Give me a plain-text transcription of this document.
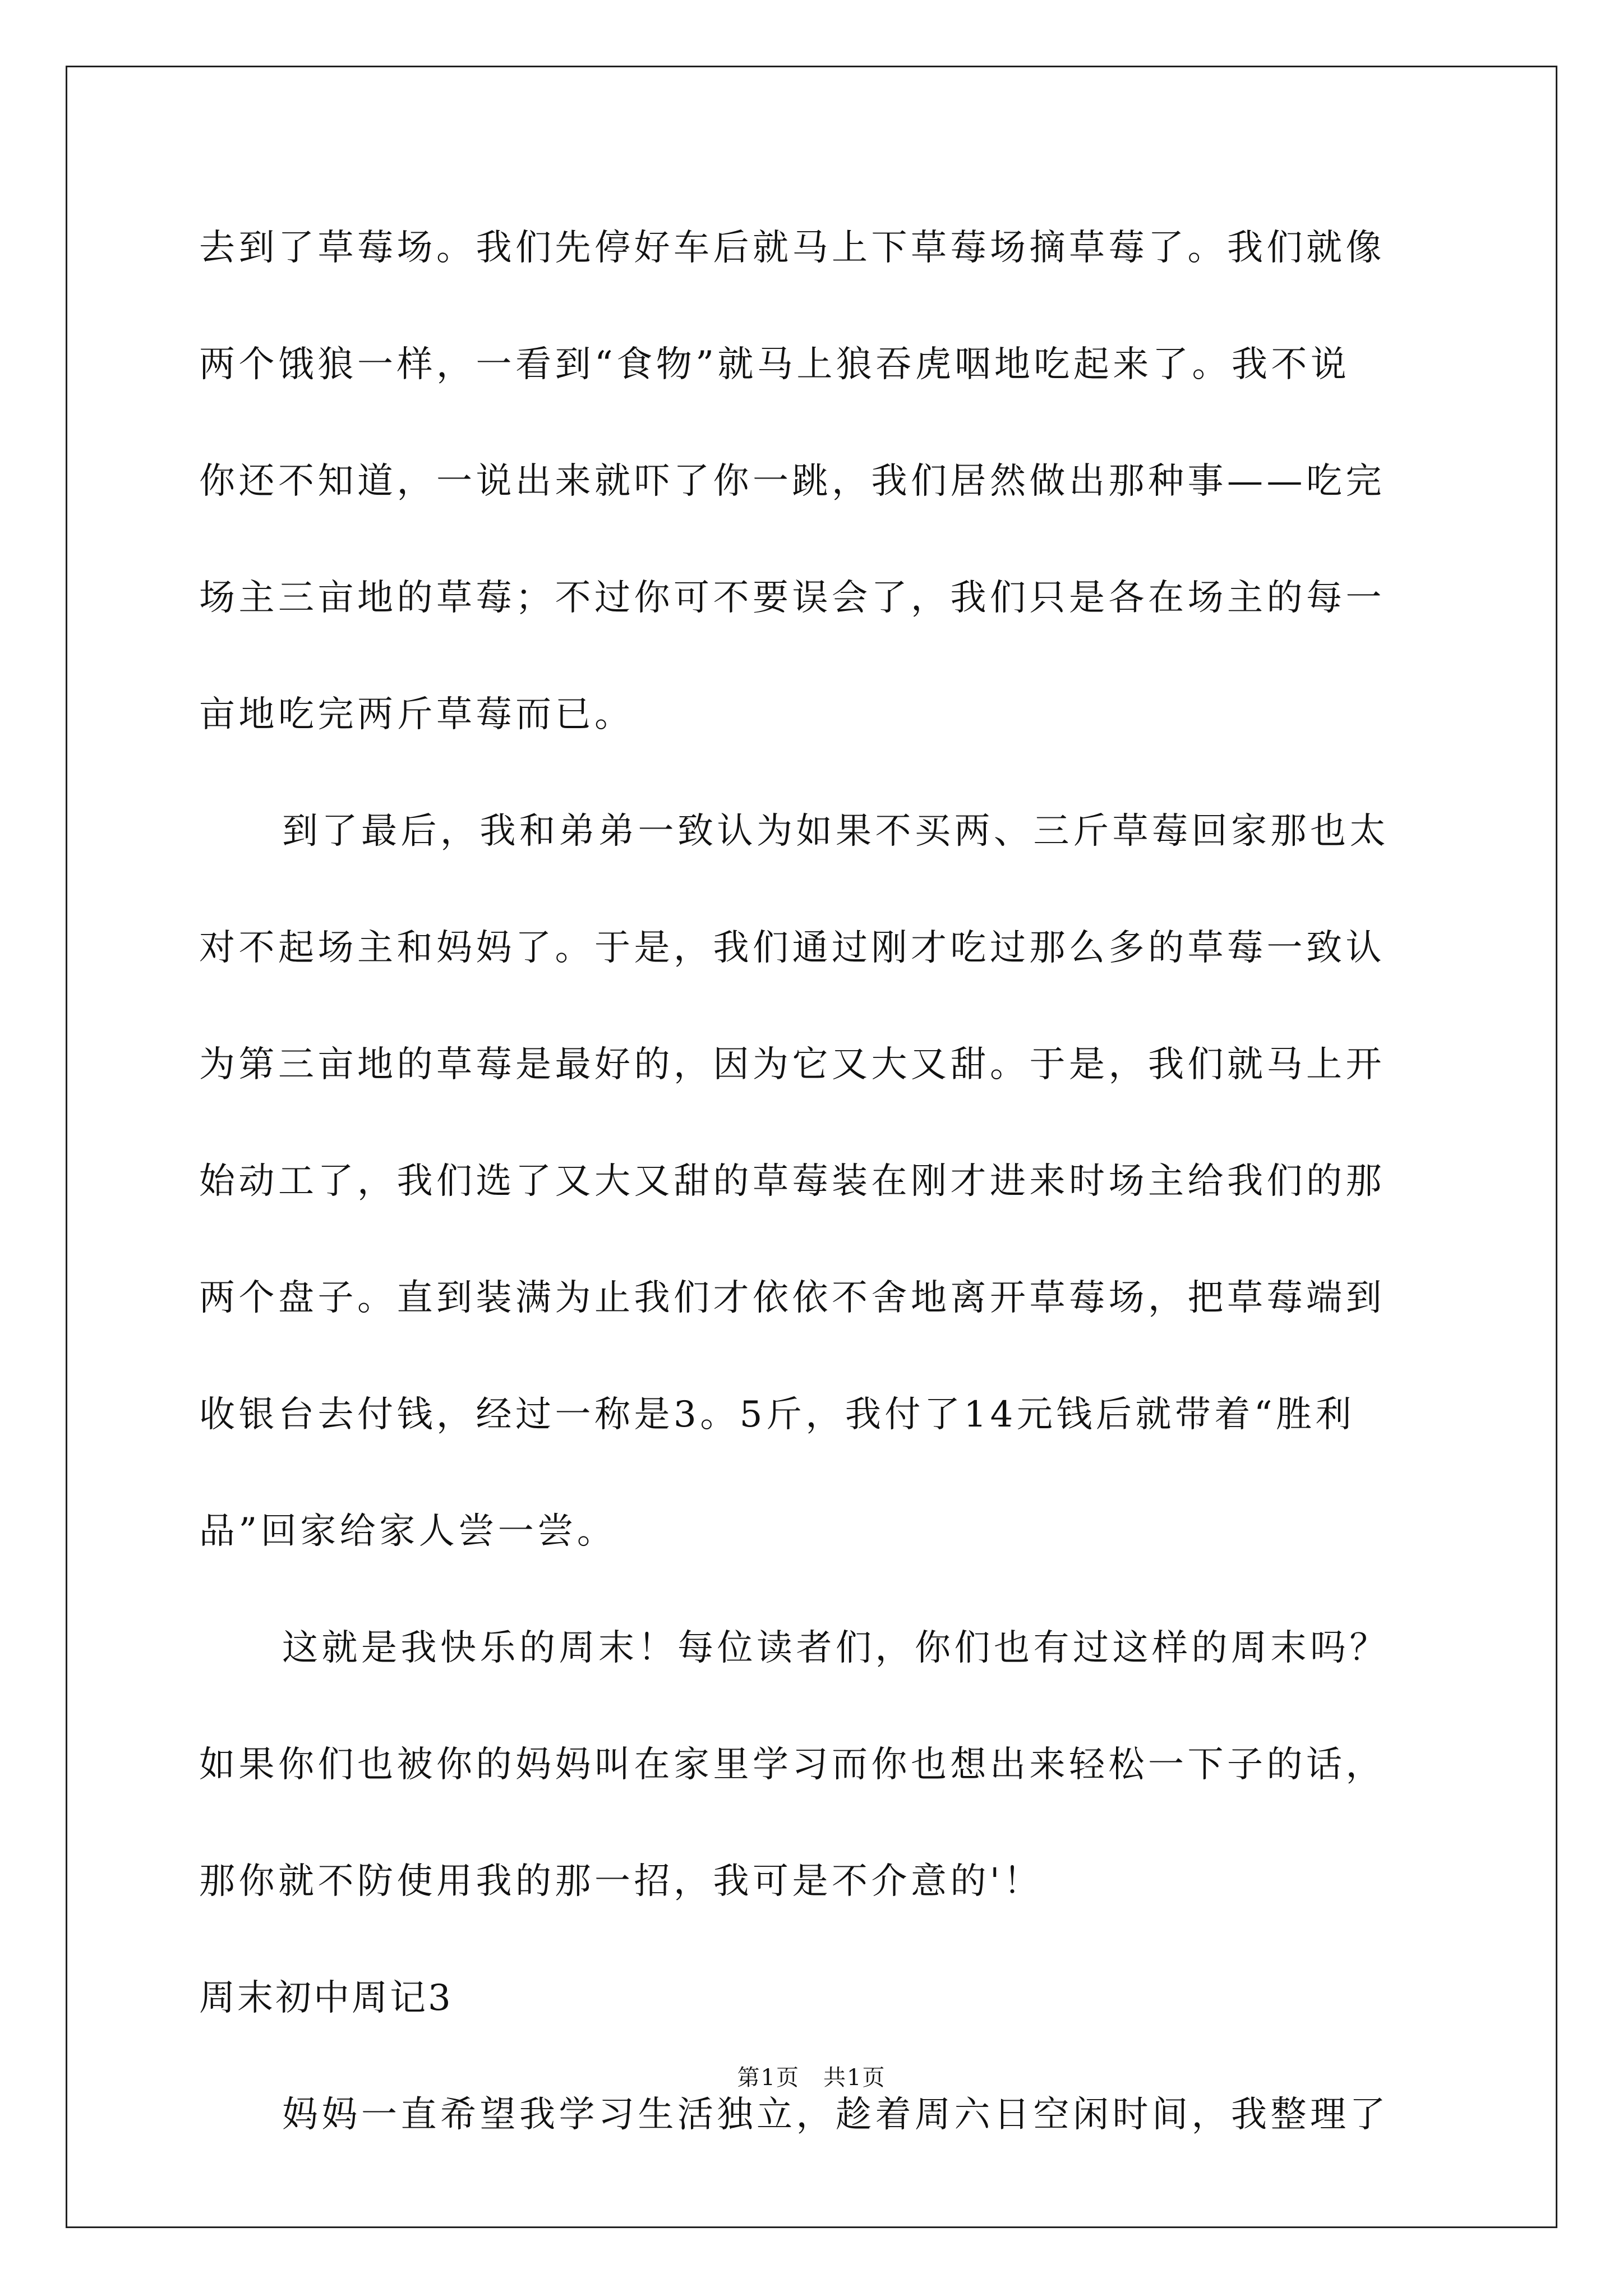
去到了草莓场。我们先停好车后就马上下草莓场摘草莓了。我们就像
两个饿狼一样，一看到“食物”就马上狼吞虎咽地吃起来了。我不说
你还不知道，一说出来就吓了你一跳，我们居然做出那种事——吃完
场主三亩地的草莓；不过你可不要误会了，我们只是各在场主的每一
亩地吃完两斤草莓而已。
到了最后，我和弟弟一致认为如果不买两、三斤草莓回家那也太
对不起场主和妈妈了。于是，我们通过刚才吃过那么多的草莓一致认
为第三亩地的草莓是最好的，因为它又大又甜。于是，我们就马上开
始动工了，我们选了又大又甜的草莓装在刚才进来时场主给我们的那
两个盘子。直到装满为止我们才依依不舍地离开草莓场，把草莓端到
收银台去付钱，经过一称是3。5斤，我付了14元钱后就带着“胜利
品”回家给家人尝一尝。
这就是我快乐的周末！每位读者们，你们也有过这样的周末吗？
如果你们也被你的妈妈叫在家里学习而你也想出来轻松一下子的话，
那你就不防使用我的那一招，我可是不介意的'！
周末初中周记3
妈妈一直希望我学习生活独立，趁着周六日空闲时间，我整理了
第1页　共1页
